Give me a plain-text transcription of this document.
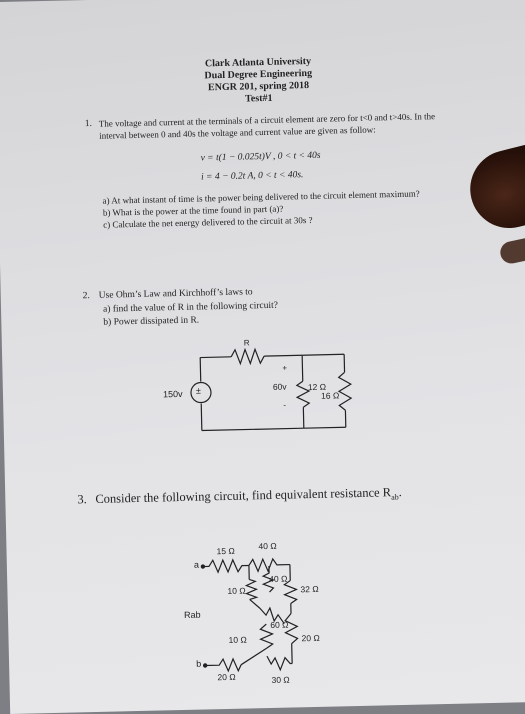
Clark Atlanta University
Dual Degree Engineering
ENGR 201, spring 2018
Test#1
1. The voltage and current at the terminals of a circuit element are zero for t<0 and t>40s. In the
interval between 0 and 40s the voltage and current value are given as follow:
v = t(1 − 0.025t)V , 0 < t < 40s
i = 4 − 0.2t A, 0 < t < 40s.
a) At what instant of time is the power being delivered to the circuit element maximum?
b) What is the power at the time found in part (a)?
c) Calculate the net energy delivered to the circuit at 30s ?
2. Use Ohm’s Law and Kirchhoff’s laws to
a) find the value of R in the following circuit?
b) Power dissipated in R.
±
150v
R
+
60v 12 Ω
16 Ω
-
3. Consider the following circuit, find equivalent resistance $R_{ab}$.
a
b
Rab
15 Ω	40 Ω
40 Ω
10 Ω	32 Ω
60 Ω
10 Ω	20 Ω
20 Ω	30 Ω
